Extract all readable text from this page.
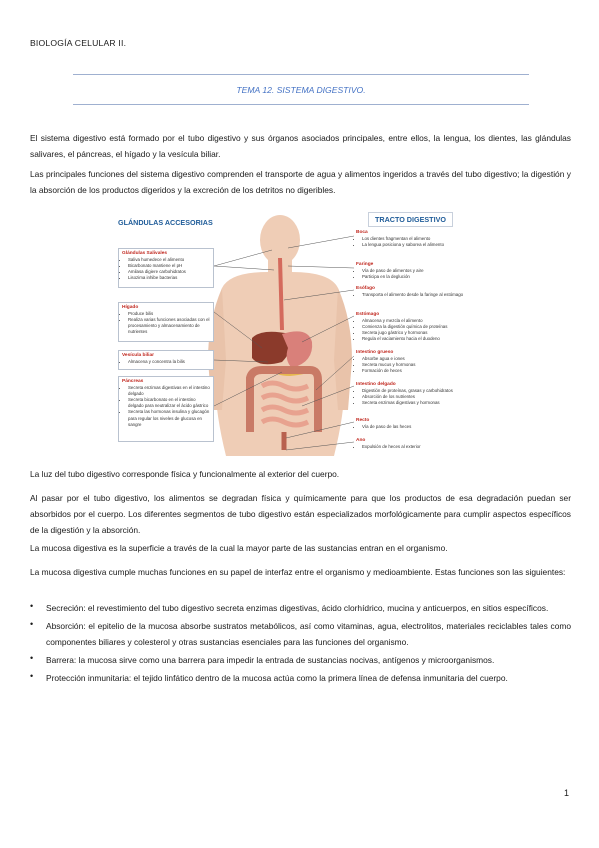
BIOLOGÍA CELULAR II.
TEMA 12. SISTEMA DIGESTIVO.

El sistema digestivo está formado por el tubo digestivo y sus órganos asociados principales, entre ellos, la lengua, los dientes, las glándulas salivares, el páncreas, el hígado y la vesícula biliar.

Las principales funciones del sistema digestivo comprenden el transporte de agua y alimentos ingeridos a través del tubo digestivo; la digestión y la absorción de los productos digeridos y la excreción de los detritos no digeribles.

GLÁNDULAS ACCESORIAS	TRACTO DIGESTIVO
Glándulas Salivales
• Saliva humedece el alimento
• Bicarbonato mantiene el pH
• Amilasa digiere carbohidratos
• Lisozima inhibe bacterias
Hígado
• Produce bilis
• Realiza varias funciones asociadas con el procesamiento y almacenamiento de nutrientes
Vesícula biliar
• Almacena y concentra la bilis
Páncreas
• Secreta enzimas digestivas en el intestino delgado
• Secreta bicarbonato en el intestino delgado para neutralizar el ácido gástrico
• Secreta las hormonas insulina y glucagón para regular los niveles de glucosa en sangre
Boca
• Los dientes fragmentan el alimento
• La lengua posiciona y saborea el alimento
Faringe
• Vía de paso de alimentos y aire
• Participa en la deglución
Esófago
• Transporta el alimento desde la faringe al estómago
Estómago
• Almacena y mezcla el alimento
• Comienza la digestión química de proteínas
• Secreta jugo gástrico y hormonas
• Regula el vaciamiento hacia el duodeno
Intestino grueso
• Absorbe agua e iones
• Secreta mucus y hormonas
• Formación de heces
Intestino delgado
• Digestión de proteínas, grasas y carbohidratos
• Absorción de los nutrientes
• Secreta enzimas digestivas y hormonas
Recto
• Vía de paso de las heces
Ano
• Expulsión de heces al exterior

La luz del tubo digestivo corresponde física y funcionalmente al exterior del cuerpo.

Al pasar por el tubo digestivo, los alimentos se degradan física y químicamente para que los productos de esa degradación puedan ser absorbidos por el cuerpo. Los diferentes segmentos de tubo digestivo están especializados morfológicamente para cumplir aspectos específicos de la digestión y la absorción.

La mucosa digestiva es la superficie a través de la cual la mayor parte de las sustancias entran en el organismo.

La mucosa digestiva cumple muchas funciones en su papel de interfaz entre el organismo y medioambiente. Estas funciones son las siguientes:

• Secreción: el revestimiento del tubo digestivo secreta enzimas digestivas, ácido clorhídrico, mucina y anticuerpos, en sitios específicos.
• Absorción: el epitelio de la mucosa absorbe sustratos metabólicos, así como vitaminas, agua, electrolitos, materiales reciclables tales como componentes biliares y colesterol y otras sustancias esenciales para las funciones del organismo.
• Barrera: la mucosa sirve como una barrera para impedir la entrada de sustancias nocivas, antígenos y microorganismos.
• Protección inmunitaria: el tejido linfático dentro de la mucosa actúa como la primera línea de defensa inmunitaria del cuerpo.
1
